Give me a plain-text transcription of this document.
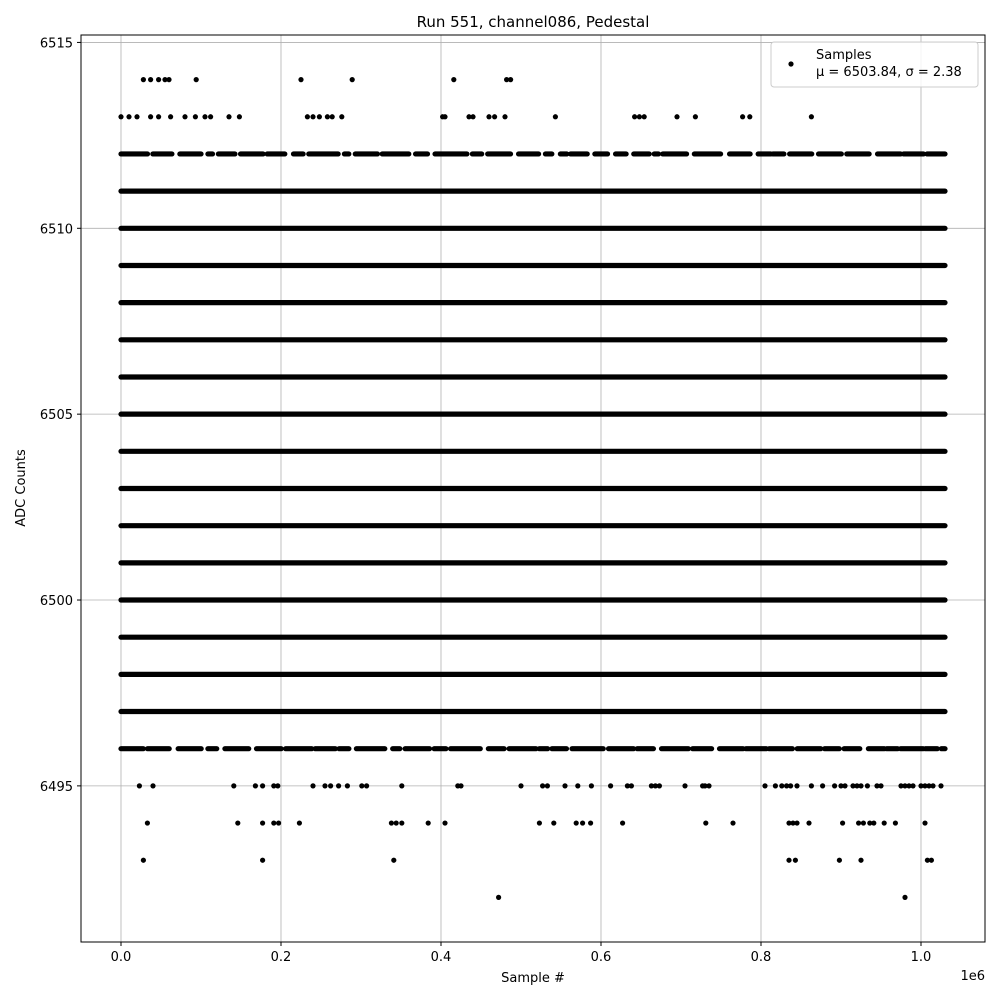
0.0	0.2	0.4	0.6	0.8	1.0
6495
6500
6505
6510
6515
Run 551, channel086, Pedestal
Sample #
ADC Counts
1e6
Samples
μ = 6503.84, σ = 2.38
